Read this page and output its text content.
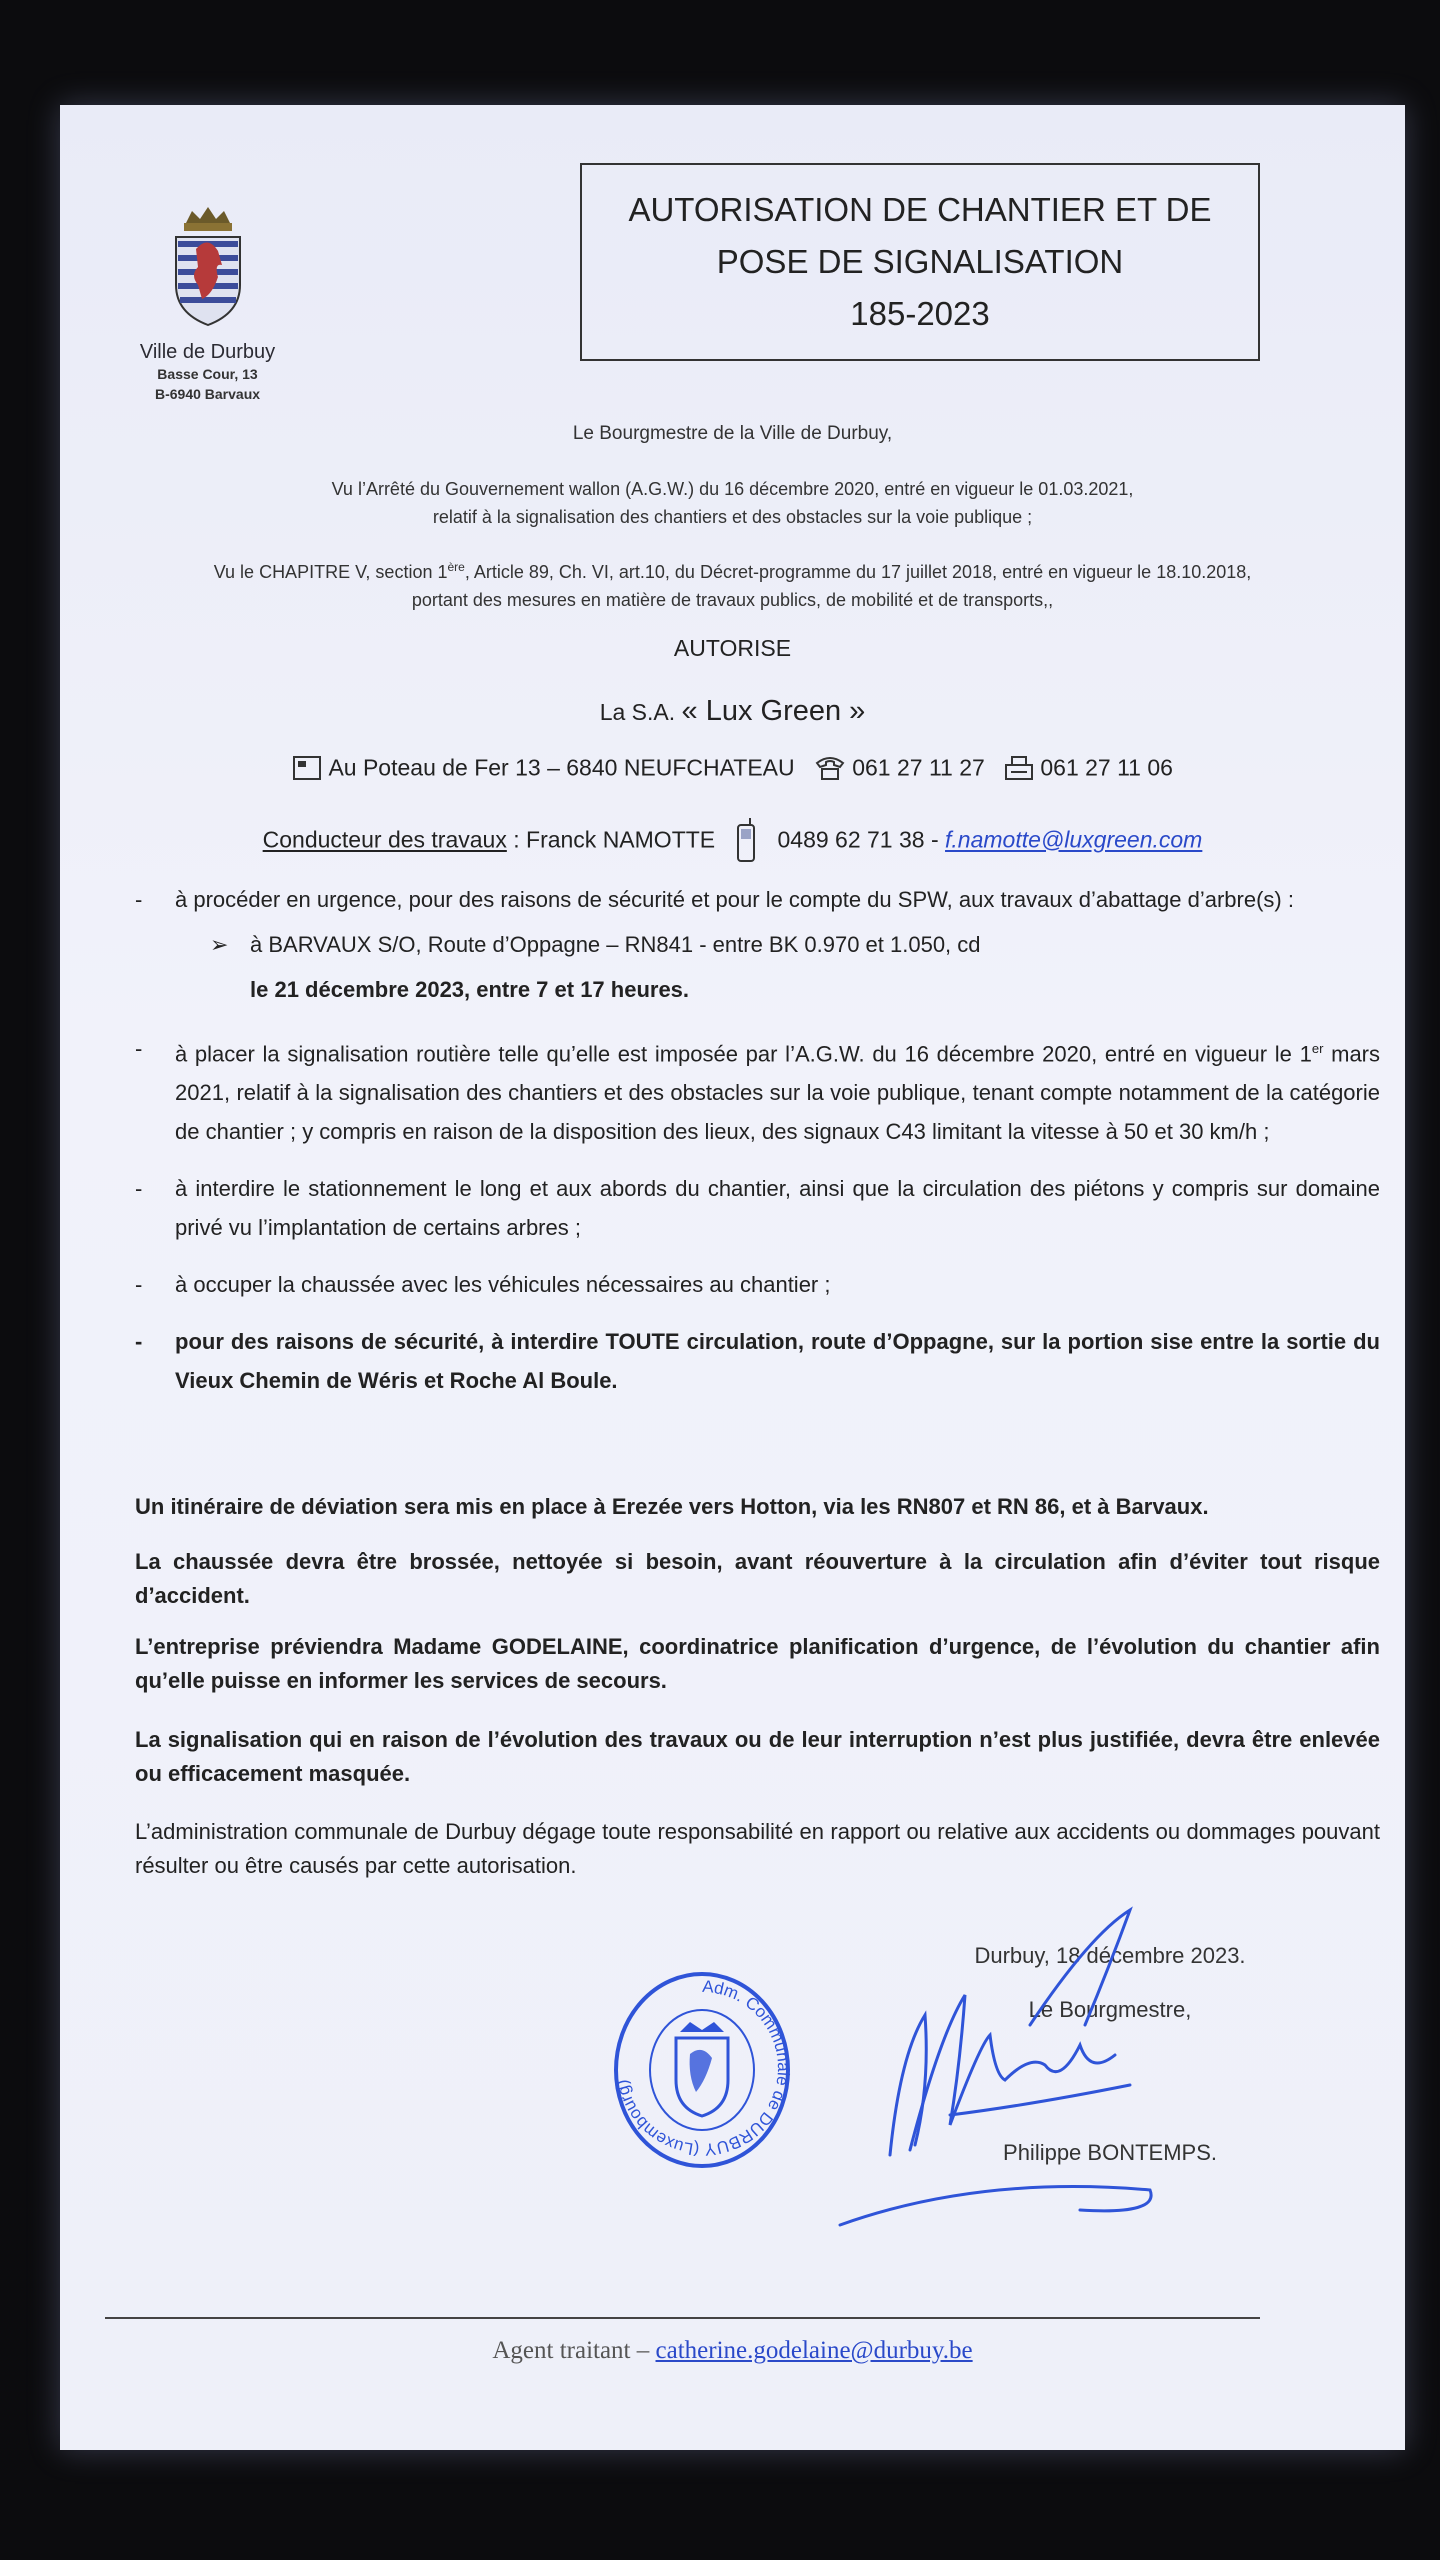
Ville de Durbuy
Basse Cour, 13
B-6940 Barvaux
AUTORISATION DE CHANTIER ET DE
POSE DE SIGNALISATION
185-2023
Le Bourgmestre de la Ville de Durbuy,
Vu l’Arrêté du Gouvernement wallon (A.G.W.) du 16 décembre 2020, entré en vigueur le 01.03.2021,
relatif à la signalisation des chantiers et des obstacles sur la voie publique ;
Vu le CHAPITRE V, section 1ère, Article 89, Ch. VI, art.10, du Décret-programme du 17 juillet 2018, entré en vigueur le 18.10.2018,
portant des mesures en matière de travaux publics, de mobilité et de transports,,
AUTORISE
La S.A. « Lux Green »
Au Poteau de Fer 13 – 6840 NEUFCHATEAU	061 27 11 27 061 27 11 06
Conducteur des travaux : Franck NAMOTTE	0489 62 71 38 - f.namotte@luxgreen.com
- à procéder en urgence, pour des raisons de sécurité et pour le compte du SPW, aux travaux d’abattage d’arbre(s) :
➢ à BARVAUX S/O, Route d’Oppagne – RN841 - entre BK 0.970 et 1.050, cd
le 21 décembre 2023, entre 7 et 17 heures.
- à placer la signalisation routière telle qu’elle est imposée par l’A.G.W. du 16 décembre 2020, entré en vigueur le 1er mars 2021, relatif à la signalisation des chantiers et des obstacles sur la voie publique, tenant compte notamment de la catégorie de chantier ; y compris en raison de la disposition des lieux, des signaux C43 limitant la vitesse à 50 et 30 km/h ;
- à interdire le stationnement le long et aux abords du chantier, ainsi que la circulation des piétons y compris sur domaine privé vu l’implantation de certains arbres ;
- à occuper la chaussée avec les véhicules nécessaires au chantier ;
- pour des raisons de sécurité, à interdire TOUTE circulation, route d’Oppagne, sur la portion sise entre la sortie du Vieux Chemin de Wéris et Roche Al Boule.
Un itinéraire de déviation sera mis en place à Erezée vers Hotton, via les RN807 et RN 86, et à Barvaux.
La chaussée devra être brossée, nettoyée si besoin, avant réouverture à la circulation afin d’éviter tout risque d’accident.
L’entreprise préviendra Madame GODELAINE, coordinatrice planification d’urgence, de l’évolution du chantier afin qu’elle puisse en informer les services de secours.
La signalisation qui en raison de l’évolution des travaux ou de leur interruption n’est plus justifiée, devra être enlevée ou efficacement masquée.
L’administration communale de Durbuy dégage toute responsabilité en rapport ou relative aux accidents ou dommages pouvant résulter ou être causés par cette autorisation.
Durbuy, 18 décembre 2023.
Le Bourgmestre,
Philippe BONTEMPS.
Adm. Communale de DURBUY (Luxembourg)
Agent traitant – catherine.godelaine@durbuy.be
